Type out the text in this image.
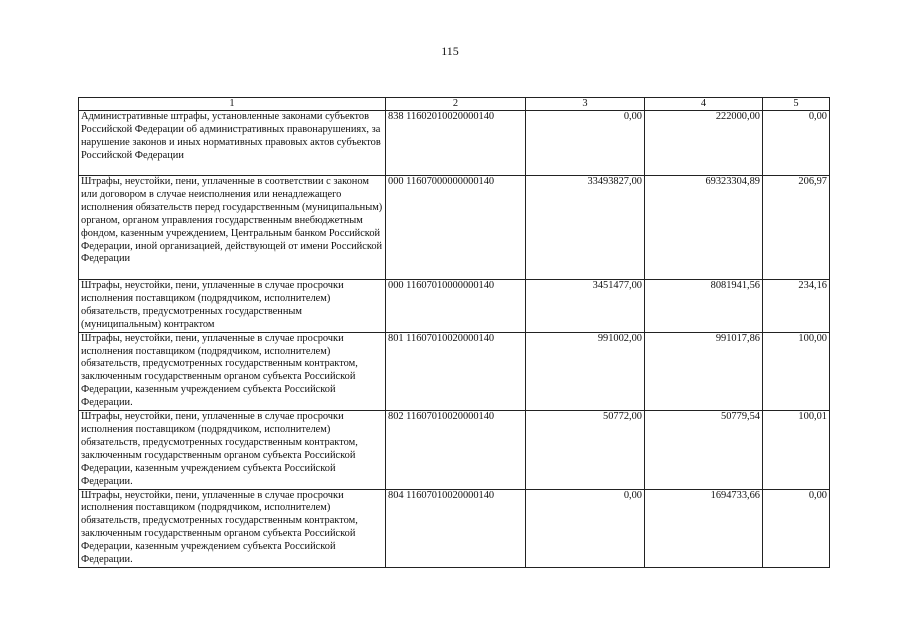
115
1	2	3	4	5
Административные штрафы, установленные законами субъектов Российской Федерации об административных правонарушениях, за нарушение законов и иных нормативных правовых актов субъектов Российской Федерации	838 11602010020000140	0,00	222000,00	0,00
Штрафы, неустойки, пени, уплаченные в соответствии с законом или договором в случае неисполнения или ненадлежащего исполнения обязательств перед государственным (муниципальным) органом, органом управления государственным внебюджетным фондом, казенным учреждением, Центральным банком Российской Федерации, иной организацией, действующей от имени Российской Федерации	000 11607000000000140	33493827,00	69323304,89	206,97
Штрафы, неустойки, пени, уплаченные в случае просрочки исполнения поставщиком (подрядчиком, исполнителем) обязательств, предусмотренных государственным (муниципальным) контрактом	000 11607010000000140	3451477,00	8081941,56	234,16
Штрафы, неустойки, пени, уплаченные в случае просрочки исполнения поставщиком (подрядчиком, исполнителем) обязательств, предусмотренных государственным контрактом, заключенным государственным органом субъекта Российской Федерации, казенным учреждением субъекта Российской Федерации.	801 11607010020000140	991002,00	991017,86	100,00
Штрафы, неустойки, пени, уплаченные в случае просрочки исполнения поставщиком (подрядчиком, исполнителем) обязательств, предусмотренных государственным контрактом, заключенным государственным органом субъекта Российской Федерации, казенным учреждением субъекта Российской Федерации.	802 11607010020000140	50772,00	50779,54	100,01
Штрафы, неустойки, пени, уплаченные в случае просрочки исполнения поставщиком (подрядчиком, исполнителем) обязательств, предусмотренных государственным контрактом, заключенным государственным органом субъекта Российской Федерации, казенным учреждением субъекта Российской Федерации.	804 11607010020000140	0,00	1694733,66	0,00
